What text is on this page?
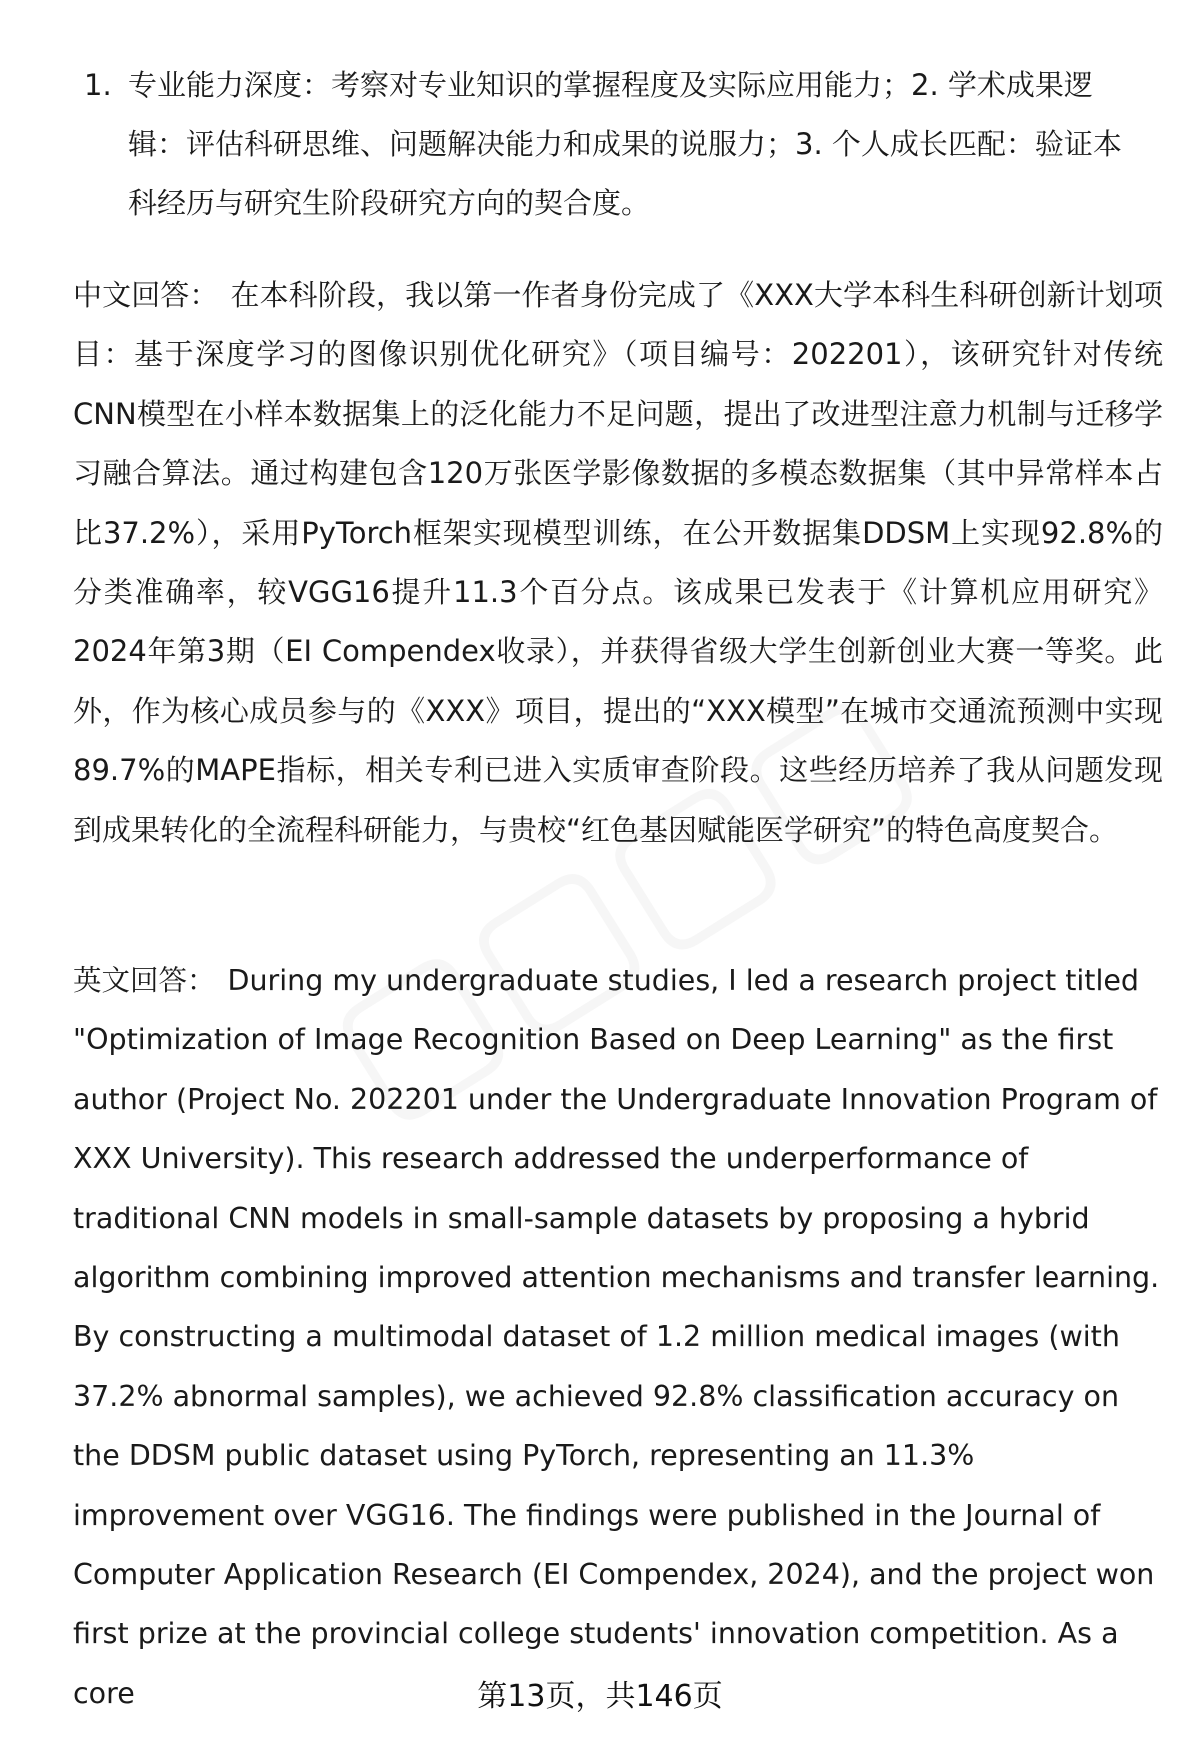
1. 专业能力深度：考察对专业知识的掌握程度及实际应用能力；2. 学术成果逻辑：评估科研思维、问题解决能力和成果的说服力；3. 个人成长匹配：验证本科经历与研究生阶段研究方向的契合度。

中文回答： 在本科阶段，我以第一作者身份完成了《XXX大学本科生科研创新计划项目：基于深度学习的图像识别优化研究》（项目编号：202201），该研究针对传统CNN模型在小样本数据集上的泛化能力不足问题，提出了改进型注意力机制与迁移学习融合算法。通过构建包含120万张医学影像数据的多模态数据集（其中异常样本占比37.2%），采用PyTorch框架实现模型训练，在公开数据集DDSM上实现92.8%的分类准确率，较VGG16提升11.3个百分点。该成果已发表于《计算机应用研究》2024年第3期（EI Compendex收录），并获得省级大学生创新创业大赛一等奖。此外，作为核心成员参与的《XXX》项目，提出的“XXX模型”在城市交通流预测中实现89.7%的MAPE指标，相关专利已进入实质审查阶段。这些经历培养了我从问题发现到成果转化的全流程科研能力，与贵校“红色基因赋能医学研究”的特色高度契合。

英文回答： During my undergraduate studies, I led a research project titled "Optimization of Image Recognition Based on Deep Learning" as the first author (Project No. 202201 under the Undergraduate Innovation Program of XXX University). This research addressed the underperformance of traditional CNN models in small-sample datasets by proposing a hybrid algorithm combining improved attention mechanisms and transfer learning. By constructing a multimodal dataset of 1.2 million medical images (with 37.2% abnormal samples), we achieved 92.8% classification accuracy on the DDSM public dataset using PyTorch, representing an 11.3% improvement over VGG16. The findings were published in the Journal of Computer Application Research (EI Compendex, 2024), and the project won first prize at the provincial college students' innovation competition. As a core	第13页，共146页
